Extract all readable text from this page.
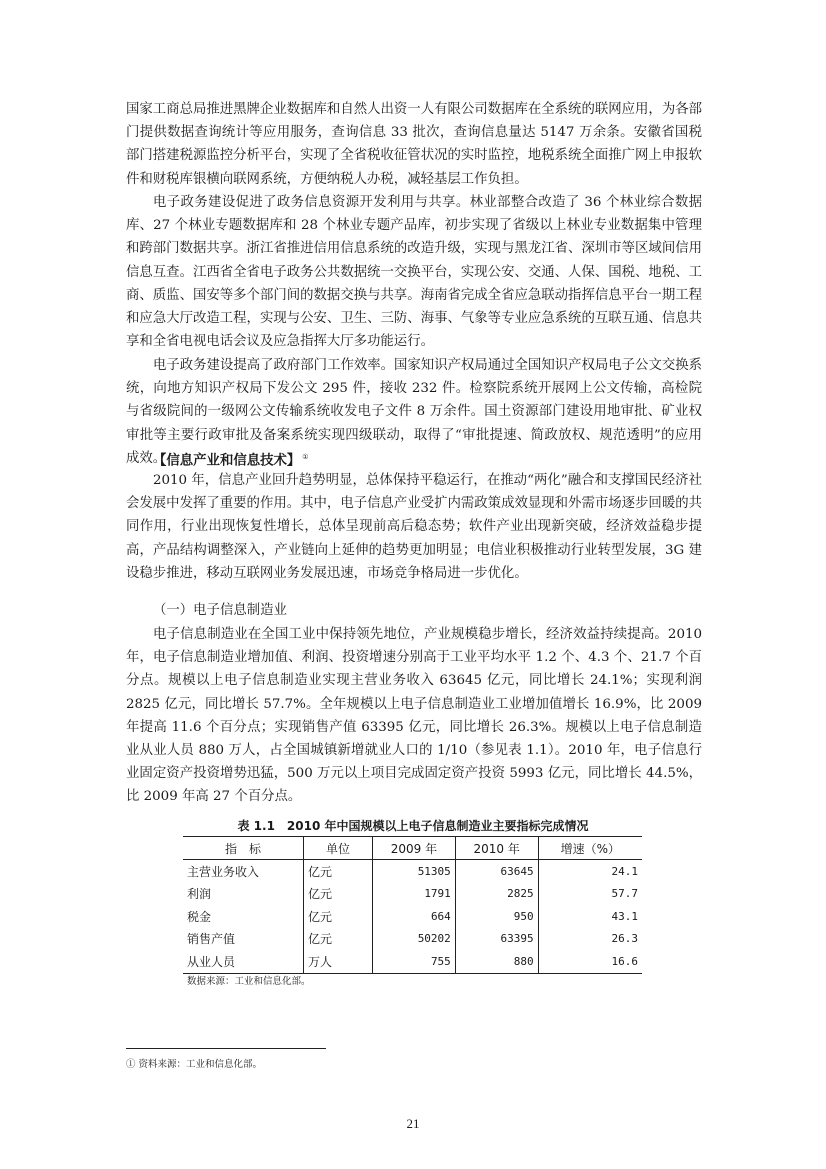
国家工商总局推进黑牌企业数据库和自然人出资一人有限公司数据库在全系统的联网应用，为各部门提供数据查询统计等应用服务，查询信息 33 批次，查询信息量达 5147 万余条。安徽省国税部门搭建税源监控分析平台，实现了全省税收征管状况的实时监控，地税系统全面推广网上申报软件和财税库银横向联网系统，方便纳税人办税，减轻基层工作负担。

电子政务建设促进了政务信息资源开发利用与共享。林业部整合改造了 36 个林业综合数据库、27 个林业专题数据库和 28 个林业专题产品库，初步实现了省级以上林业专业数据集中管理和跨部门数据共享。浙江省推进信用信息系统的改造升级，实现与黑龙江省、深圳市等区域间信用信息互查。江西省全省电子政务公共数据统一交换平台，实现公安、交通、人保、国税、地税、工商、质监、国安等多个部门间的数据交换与共享。海南省完成全省应急联动指挥信息平台一期工程和应急大厅改造工程，实现与公安、卫生、三防、海事、气象等专业应急系统的互联互通、信息共享和全省电视电话会议及应急指挥大厅多功能运行。

电子政务建设提高了政府部门工作效率。国家知识产权局通过全国知识产权局电子公文交换系统，向地方知识产权局下发公文 295 件，接收 232 件。检察院系统开展网上公文传输，高检院与省级院间的一级网公文传输系统收发电子文件 8 万余件。国土资源部门建设用地审批、矿业权审批等主要行政审批及备案系统实现四级联动，取得了“审批提速、简政放权、规范透明”的应用成效。

【信息产业和信息技术】 ①

2010 年，信息产业回升趋势明显，总体保持平稳运行，在推动“两化”融合和支撑国民经济社会发展中发挥了重要的作用。其中，电子信息产业受扩内需政策成效显现和外需市场逐步回暖的共同作用，行业出现恢复性增长，总体呈现前高后稳态势；软件产业出现新突破，经济效益稳步提高，产品结构调整深入，产业链向上延伸的趋势更加明显；电信业积极推动行业转型发展，3G 建设稳步推进，移动互联网业务发展迅速，市场竞争格局进一步优化。

（一）电子信息制造业

电子信息制造业在全国工业中保持领先地位，产业规模稳步增长，经济效益持续提高。2010 年，电子信息制造业增加值、利润、投资增速分别高于工业平均水平 1.2 个、4.3 个、21.7 个百分点。规模以上电子信息制造业实现主营业务收入 63645 亿元，同比增长 24.1%；实现利润 2825 亿元，同比增长 57.7%。全年规模以上电子信息制造业工业增加值增长 16.9%，比 2009 年提高 11.6 个百分点；实现销售产值 63395 亿元，同比增长 26.3%。规模以上电子信息制造业从业人员 880 万人，占全国城镇新增就业人口的 1/10（参见表 1.1）。2010 年，电子信息行业固定资产投资增势迅猛，500 万元以上项目完成固定资产投资 5993 亿元，同比增长 44.5%，比 2009 年高 27 个百分点。

表 1.1　2010 年中国规模以上电子信息制造业主要指标完成情况
指　标	单位	2009 年	2010 年	增速（%）
主营业务收入	亿元	51305	63645	24.1
利润	亿元	1791	2825	57.7
税金	亿元	664	950	43.1
销售产值	亿元	50202	63395	26.3
从业人员	万人	755	880	16.6
数据来源：工业和信息化部。
① 资料来源：工业和信息化部。
21
